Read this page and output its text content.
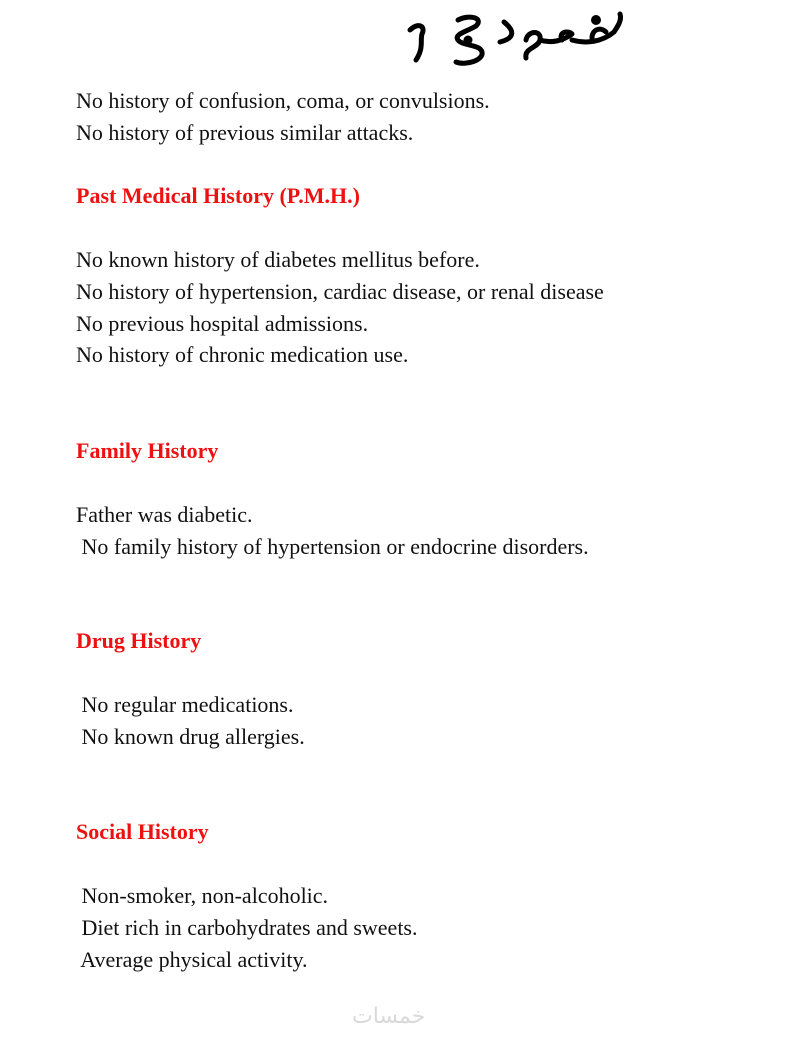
No history of confusion, coma, or convulsions.
No history of previous similar attacks.
Past Medical History (P.M.H.)
No known history of diabetes mellitus before.
No history of hypertension, cardiac disease, or renal disease
No previous hospital admissions.
No history of chronic medication use.
Family History
Father was diabetic.
No family history of hypertension or endocrine disorders.
Drug History
No regular medications.
No known drug allergies.
Social History
Non-smoker, non-alcoholic.
Diet rich in carbohydrates and sweets.
Average physical activity.
خمسات
